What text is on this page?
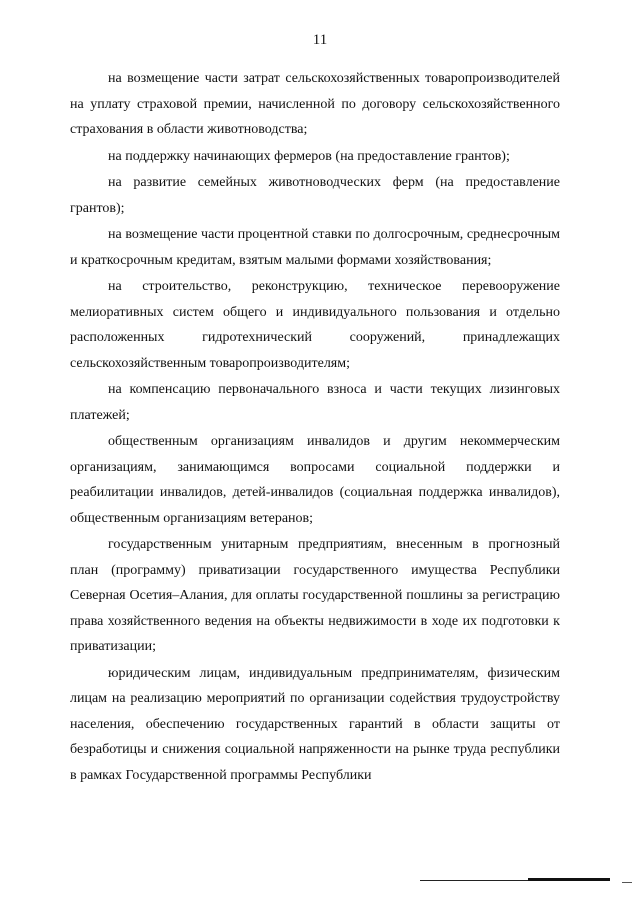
11

на возмещение части затрат сельскохозяйственных товаропроизводителей на уплату страховой премии, начисленной по договору сельскохозяйственного страхования в области животноводства;

на поддержку начинающих фермеров (на предоставление грантов);

на развитие семейных животноводческих ферм (на предоставление грантов);

на возмещение части процентной ставки по долгосрочным, среднесрочным и краткосрочным кредитам, взятым малыми формами хозяйствования;

на строительство, реконструкцию, техническое перевооружение мелиоративных систем общего и индивидуального пользования и отдельно расположенных гидротехнический сооружений, принадлежащих сельскохозяйственным товаропроизводителям;

на компенсацию первоначального взноса и части текущих лизинговых платежей;

общественным организациям инвалидов и другим некоммерческим организациям, занимающимся вопросами социальной поддержки и реабилитации инвалидов, детей-инвалидов (социальная поддержка инвалидов), общественным организациям ветеранов;

государственным унитарным предприятиям, внесенным в прогнозный план (программу) приватизации государственного имущества Республики Северная Осетия–Алания, для оплаты государственной пошлины за регистрацию права хозяйственного ведения на объекты недвижимости в ходе их подготовки к приватизации;

юридическим лицам, индивидуальным предпринимателям, физическим лицам на реализацию мероприятий по организации содействия трудоустройству населения, обеспечению государственных гарантий в области защиты от безработицы и снижения социальной напряженности на рынке труда республики в рамках Государственной программы Республики
